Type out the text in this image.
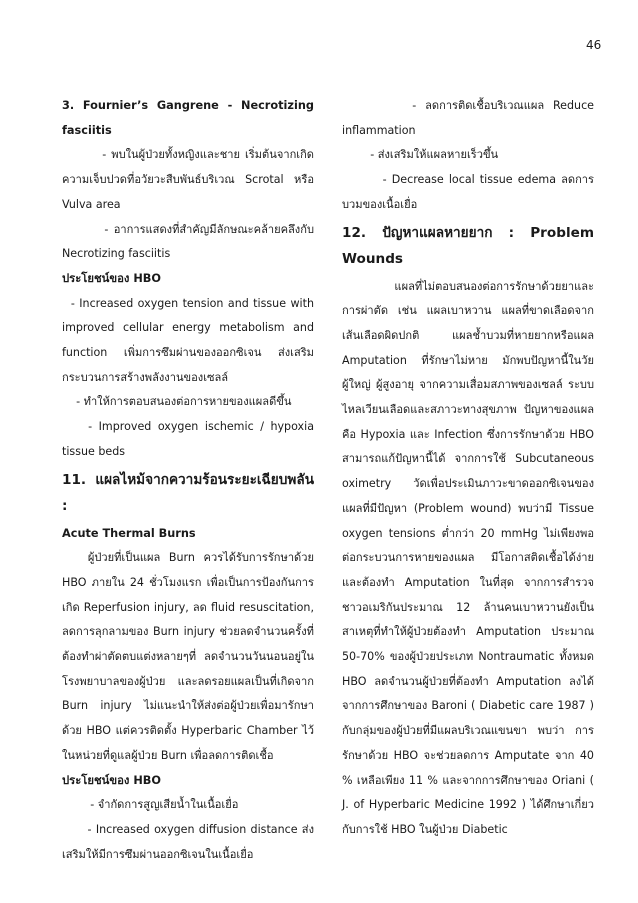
46

3. Fournier’s Gangrene - Necrotizing fasciitis

- พบในผู้ป่วยทั้งหญิงและชาย เริ่มต้นจากเกิดความเจ็บปวดที่อวัยวะสืบพันธ์บริเวณ Scrotal หรือ Vulva area

- อาการแสดงที่สำคัญมีลักษณะคล้ายคลึงกับ Necrotizing fasciitis

ประโยชน์ของ HBO

- Increased oxygen tension and tissue with improved cellular energy metabolism and function เพิ่มการซึมผ่านของออกซิเจน ส่งเสริมกระบวนการสร้างพลังงานของเซลล์

- ทำให้การตอบสนองต่อการหายของแผลดีขึ้น

- Improved oxygen ischemic / hypoxia tissue beds

11. แผลไหม้จากความร้อนระยะเฉียบพลัน :

Acute Thermal Burns

ผู้ป่วยที่เป็นแผล Burn ควรได้รับการรักษาด้วย HBO ภายใน 24 ชั่วโมงแรก เพื่อเป็นการป้องกันการเกิด Reperfusion injury, ลด fluid resuscitation, ลดการลุกลามของ Burn injury ช่วยลดจำนวนครั้งที่ต้องทำผ่าตัดตบแต่งหลายๆที่ ลดจำนวนวันนอนอยู่ในโรงพยาบาลของผู้ป่วย และลดรอยแผลเป็นที่เกิดจาก Burn injury ไม่แนะนำให้ส่งต่อผู้ป่วยเพื่อมารักษาด้วย HBO แต่ควรติดตั้ง Hyperbaric Chamber ไว้ในหน่วยที่ดูแลผู้ป่วย Burn เพื่อลดการติดเชื้อ

ประโยชน์ของ HBO

- จำกัดการสูญเสียน้ำในเนื้อเยื่อ

- Increased oxygen diffusion distance ส่งเสริมให้มีการซึมผ่านออกซิเจนในเนื้อเยื่อ

- ลดการติดเชื้อบริเวณแผล Reduce inflammation

- ส่งเสริมให้แผลหายเร็วขึ้น

- Decrease local tissue edema ลดการบวมของเนื้อเยื่อ

12. ปัญหาแผลหายยาก : Problem Wounds

แผลที่ไม่ตอบสนองต่อการรักษาด้วยยาและการผ่าตัด เช่น แผลเบาหวาน แผลที่ขาดเลือดจากเส้นเลือดผิดปกติ แผลช้ำบวมที่หายยากหรือแผล Amputation ที่รักษาไม่หาย มักพบปัญหานี้ในวัยผู้ใหญ่ ผู้สูงอายุ จากความเสื่อมสภาพของเซลล์ ระบบไหลเวียนเลือดและสภาวะทางสุขภาพ ปัญหาของแผลคือ Hypoxia และ Infection ซึ่งการรักษาด้วย HBO สามารถแก้ปัญหานี้ได้ จากการใช้ Subcutaneous oximetry วัดเพื่อประเมินภาวะขาดออกซิเจนของแผลที่มีปัญหา (Problem wound) พบว่ามี Tissue oxygen tensions ต่ำกว่า 20 mmHg ไม่เพียงพอต่อกระบวนการหายของแผล มีโอกาสติดเชื้อได้ง่ายและต้องทำ Amputation ในที่สุด จากการสำรวจชาวอเมริกันประมาณ 12 ล้านคนเบาหวานยังเป็นสาเหตุที่ทำให้ผู้ป่วยต้องทำ Amputation ประมาณ 50-70% ของผู้ป่วยประเภท Nontraumatic ทั้งหมด HBO ลดจำนวนผู้ป่วยที่ต้องทำ Amputation ลงได้ จากการศึกษาของ Baroni ( Diabetic care 1987 ) กับกลุ่มของผู้ป่วยที่มีแผลบริเวณแขนขา พบว่า การรักษาด้วย HBO จะช่วยลดการ Amputate จาก 40 % เหลือเพียง 11 % และจากการศึกษาของ Oriani ( J. of Hyperbaric Medicine 1992 ) ได้ศึกษาเกี่ยวกับการใช้ HBO ในผู้ป่วย Diabetic
